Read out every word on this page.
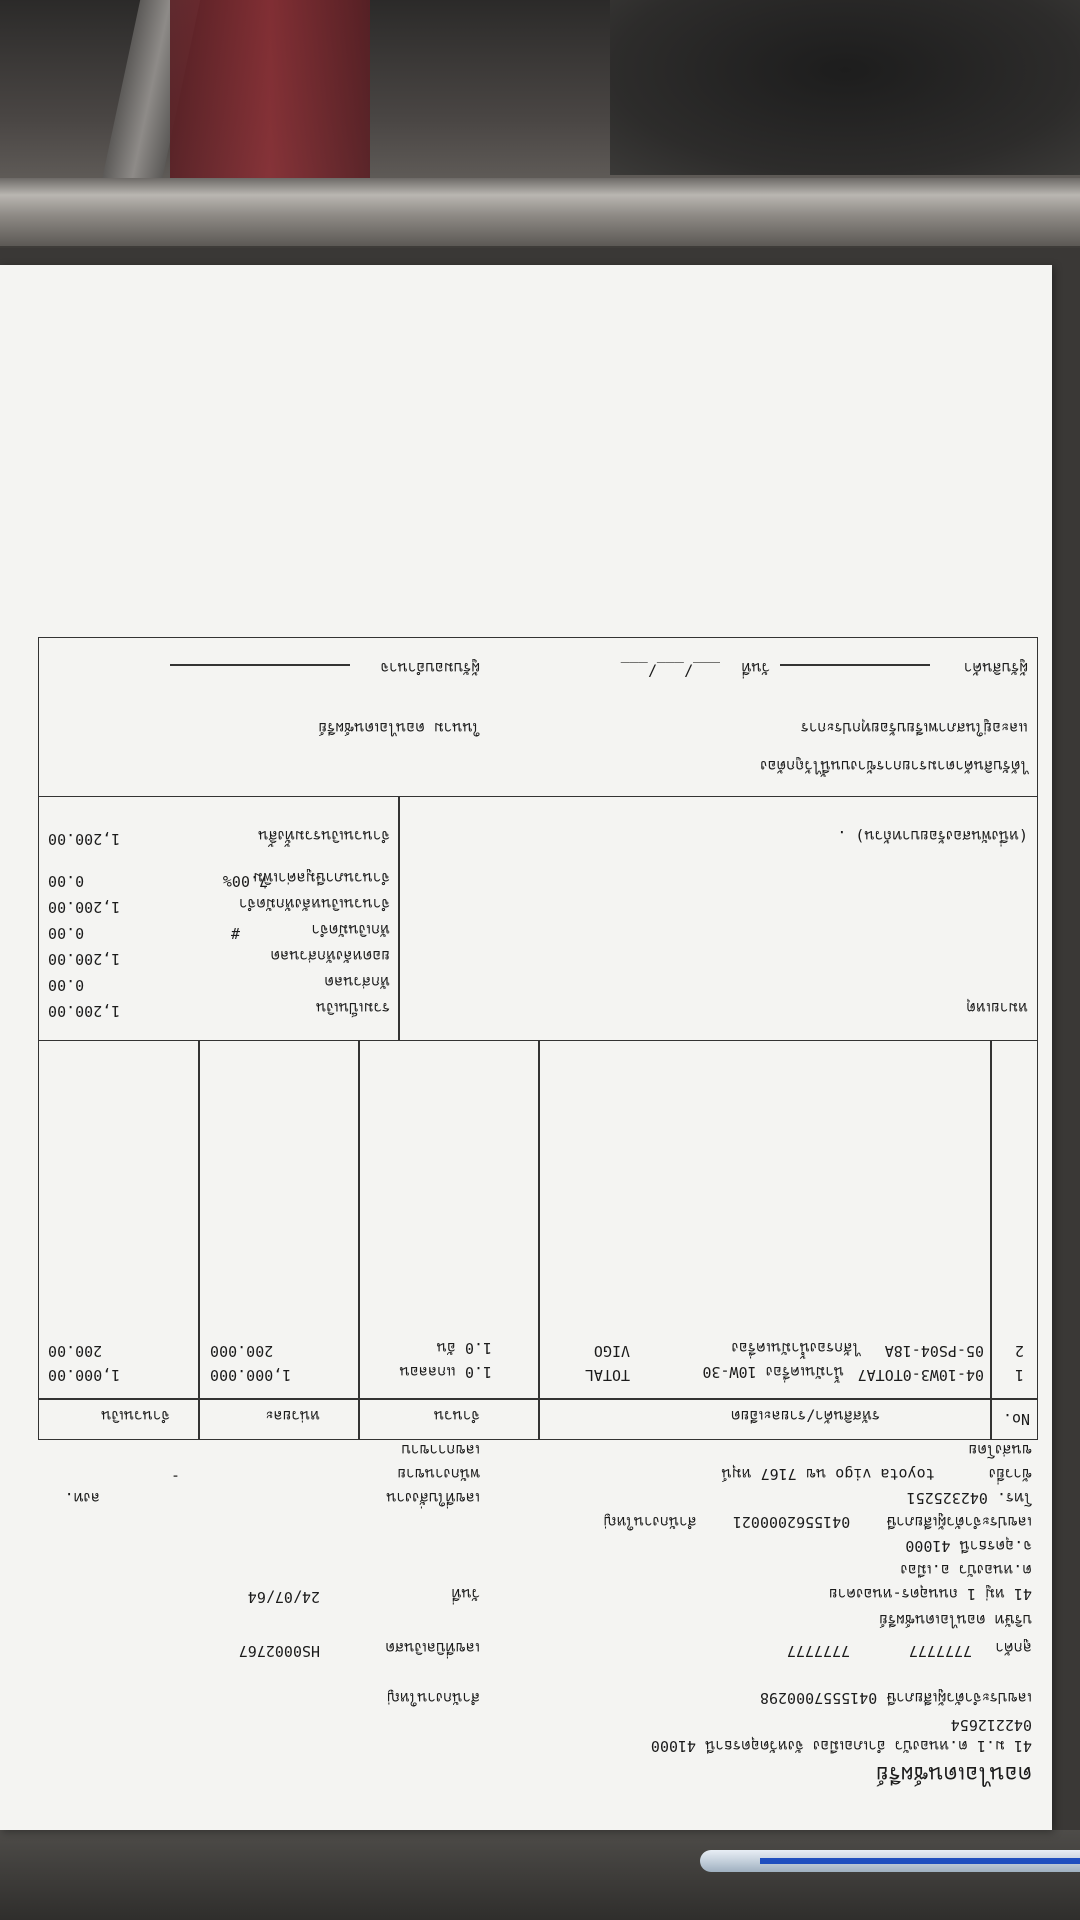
ดอนไอเดนซ์ผรีย์
41 ม.1 ต.หนองบัว อำเภอเมือง จังหวัดอุดรธานี 41000
042212654
เลขประจำตัวผู้เสียภาษี 0415557000298
สำนักงานใหญ่
ลูกค้า
7777777
7777777
บริษัท ดอนไอเดนซ์ผรีย์
41 หมู่ 1 ถนนอุดร-หนองคาย
ต.หนองบัว อ.เมือง
จ.อุดรธานี 41000
เลขประจำตัวผู้เสียภาษี    0415562000021    สำนักงานใหญ่
โทร. 042325251
ข้าวยี่ง      toyota vigo นข 7167 หมุน์
ขนส่งโดย
เลขที่บิลเงินสด
HS0002767
วันที่
24/07/64
เลขที่ใบสั่งงาน
ลงท.
พนักงานขาย
-
เลขกาาขาบ
No.
รหัสสินค้า/รายละเอียด
จำนวน
หน่วยละ
จำนวนเงิน
1
04-10W3-0TOTA7
น้ำมันเครื่อง 10W-30
TOTAL
1.0 แกลลอน
1,000.000
1,000.00
2
05-PS04-18A
ไส้กรองน้ำมันเครื่อง
VIGO
1.0 อัน
200.000
200.00
หมายเหตุ
(หนึ่งพันสองร้อยบาทถ้วน) .
รวมเป็นเงิน
1,200.00
หักส่วนลด
0.00
ยอดหลังหักส่วนลด
1,200.00
หักเงินมัดจำ
#
0.00
จำนวนเงินหลังหักมัดจำ
1,200.00
จำนวนภาษีมูลค่าเพิ่ม
7.00%
0.00
จำนวนเงินรวมทั้งสิ้น
1,200.00
ได้รับสินค้าตามรายการข้างบนนี้ไว้ถูกต้อง
และอยู่ในสภาพเรียบร้อยทุกประการ
ในนาม ดอนไอเดนซ์ผรีย์
ผู้รับสินค้า
วันที่
___/___/___
ผู้รับมอบอำนาจ
